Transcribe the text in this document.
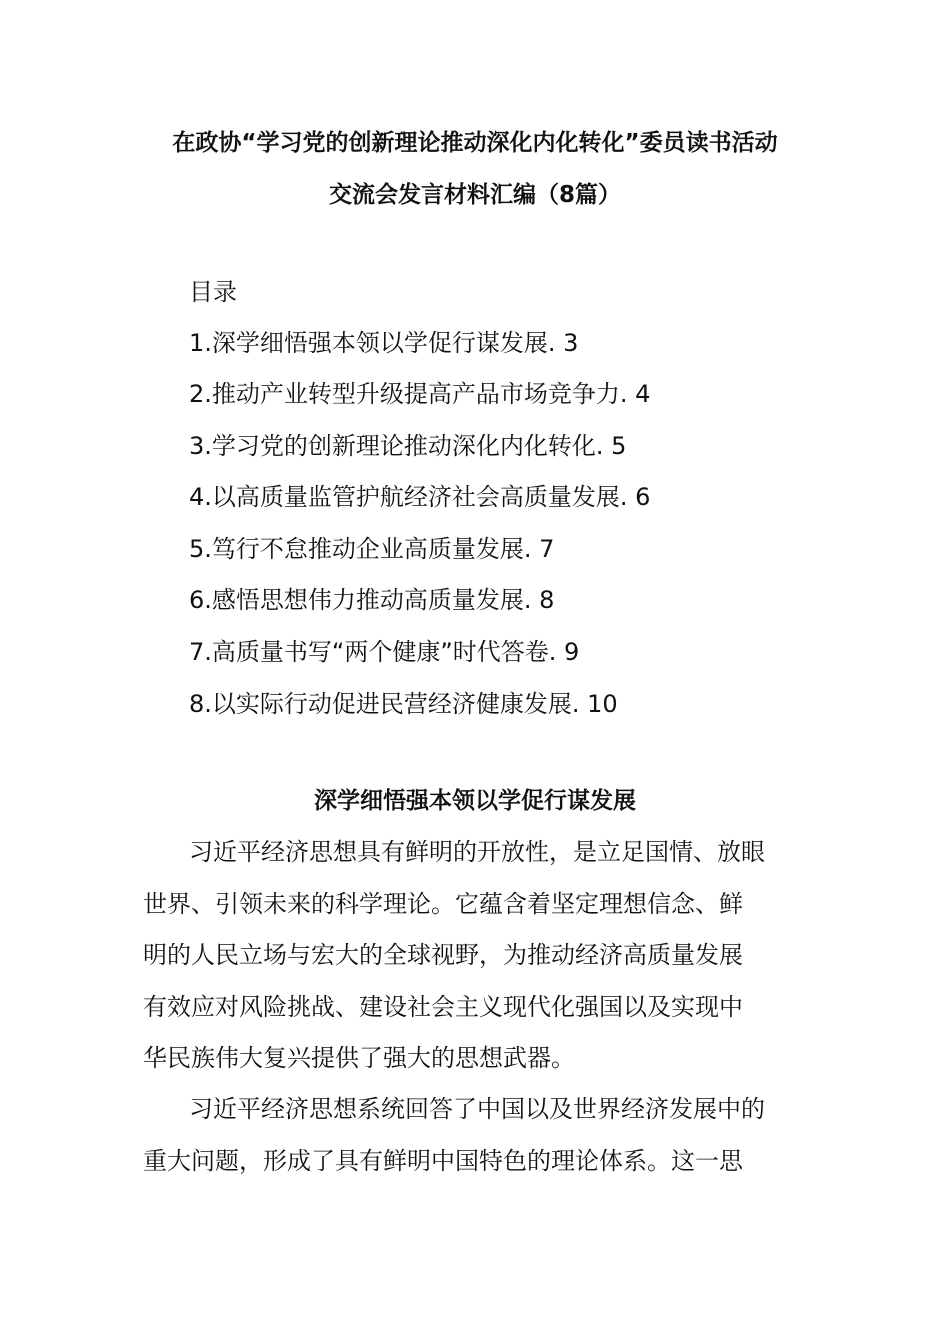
在政协“学习党的创新理论推动深化内化转化”委员读书活动
交流会发言材料汇编（8篇）

目录

1.深学细悟强本领以学促行谋发展. 3
2.推动产业转型升级提高产品市场竞争力. 4
3.学习党的创新理论推动深化内化转化. 5
4.以高质量监管护航经济社会高质量发展. 6
5.笃行不怠推动企业高质量发展. 7
6.感悟思想伟力推动高质量发展. 8
7.高质量书写“两个健康”时代答卷. 9
8.以实际行动促进民营经济健康发展. 10
深学细悟强本领以学促行谋发展

习近平经济思想具有鲜明的开放性，是立足国情、放眼
世界、引领未来的科学理论。它蕴含着坚定理想信念、鲜
明的人民立场与宏大的全球视野，为推动经济高质量发展
有效应对风险挑战、建设社会主义现代化强国以及实现中
华民族伟大复兴提供了强大的思想武器。

习近平经济思想系统回答了中国以及世界经济发展中的
重大问题，形成了具有鲜明中国特色的理论体系。这一思
